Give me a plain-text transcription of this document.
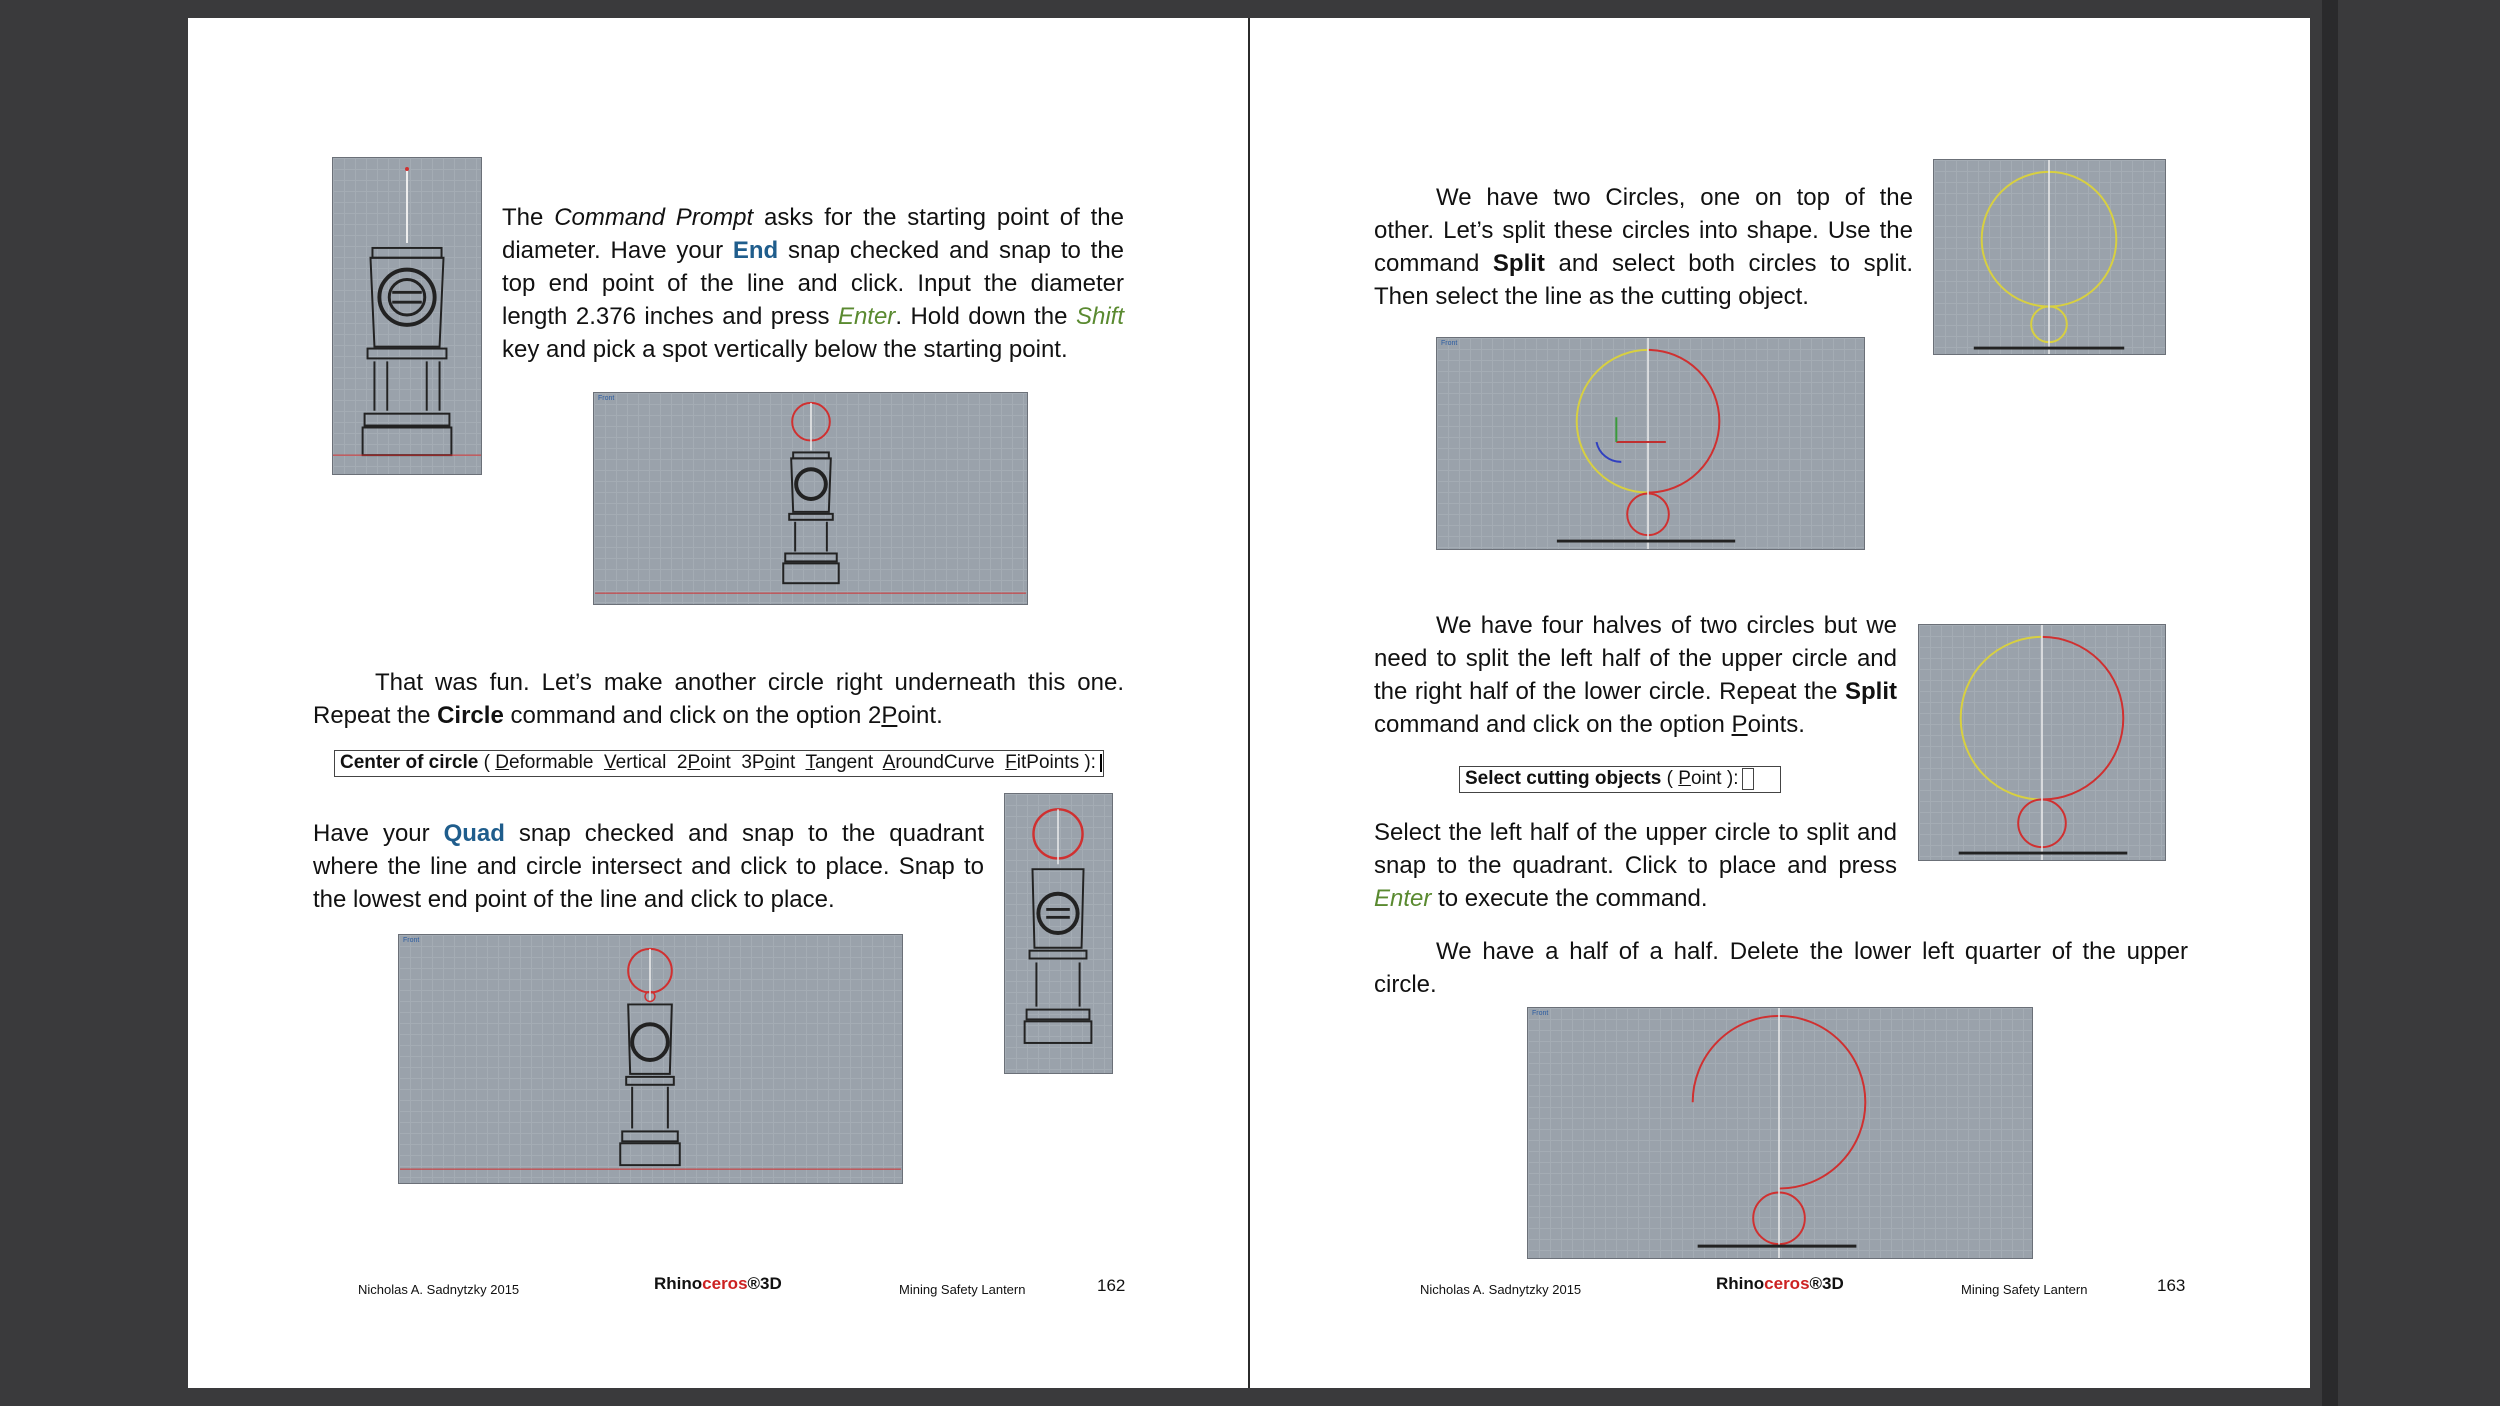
The Command Prompt asks for the starting point of the diameter. Have your End snap checked and snap to the top end point of the line and click. Input the diameter length 2.376 inches and press Enter. Hold down the Shift key and pick a spot vertically below the starting point.

Front

That was fun. Let’s make another circle right underneath this one. Repeat the Circle command and click on the option 2Point.

Center of circle ( Deformable Vertical 2Point 3Point Tangent AroundCurve FitPoints ):

Have your Quad snap checked and snap to the quadrant where the line and circle intersect and click to place. Snap to the lowest end point of the line and click to place.

Front
Nicholas A. Sadnytzky 2015	Rhinoceros®3D	Mining Safety Lantern	162

We have two Circles, one on top of the other. Let’s split these circles into shape. Use the command Split and select both circles to split. Then select the line as the cutting object.

Front

We have four halves of two circles but we need to split the left half of the upper circle and the right half of the lower circle. Repeat the Split command and click on the option Points.

Select cutting objects ( Point ):

Select the left half of the upper circle to split and snap to the quadrant. Click to place and press Enter to execute the command.

We have a half of a half. Delete the lower left quarter of the upper circle.

Front
Nicholas A. Sadnytzky 2015	Rhinoceros®3D	Mining Safety Lantern	163
